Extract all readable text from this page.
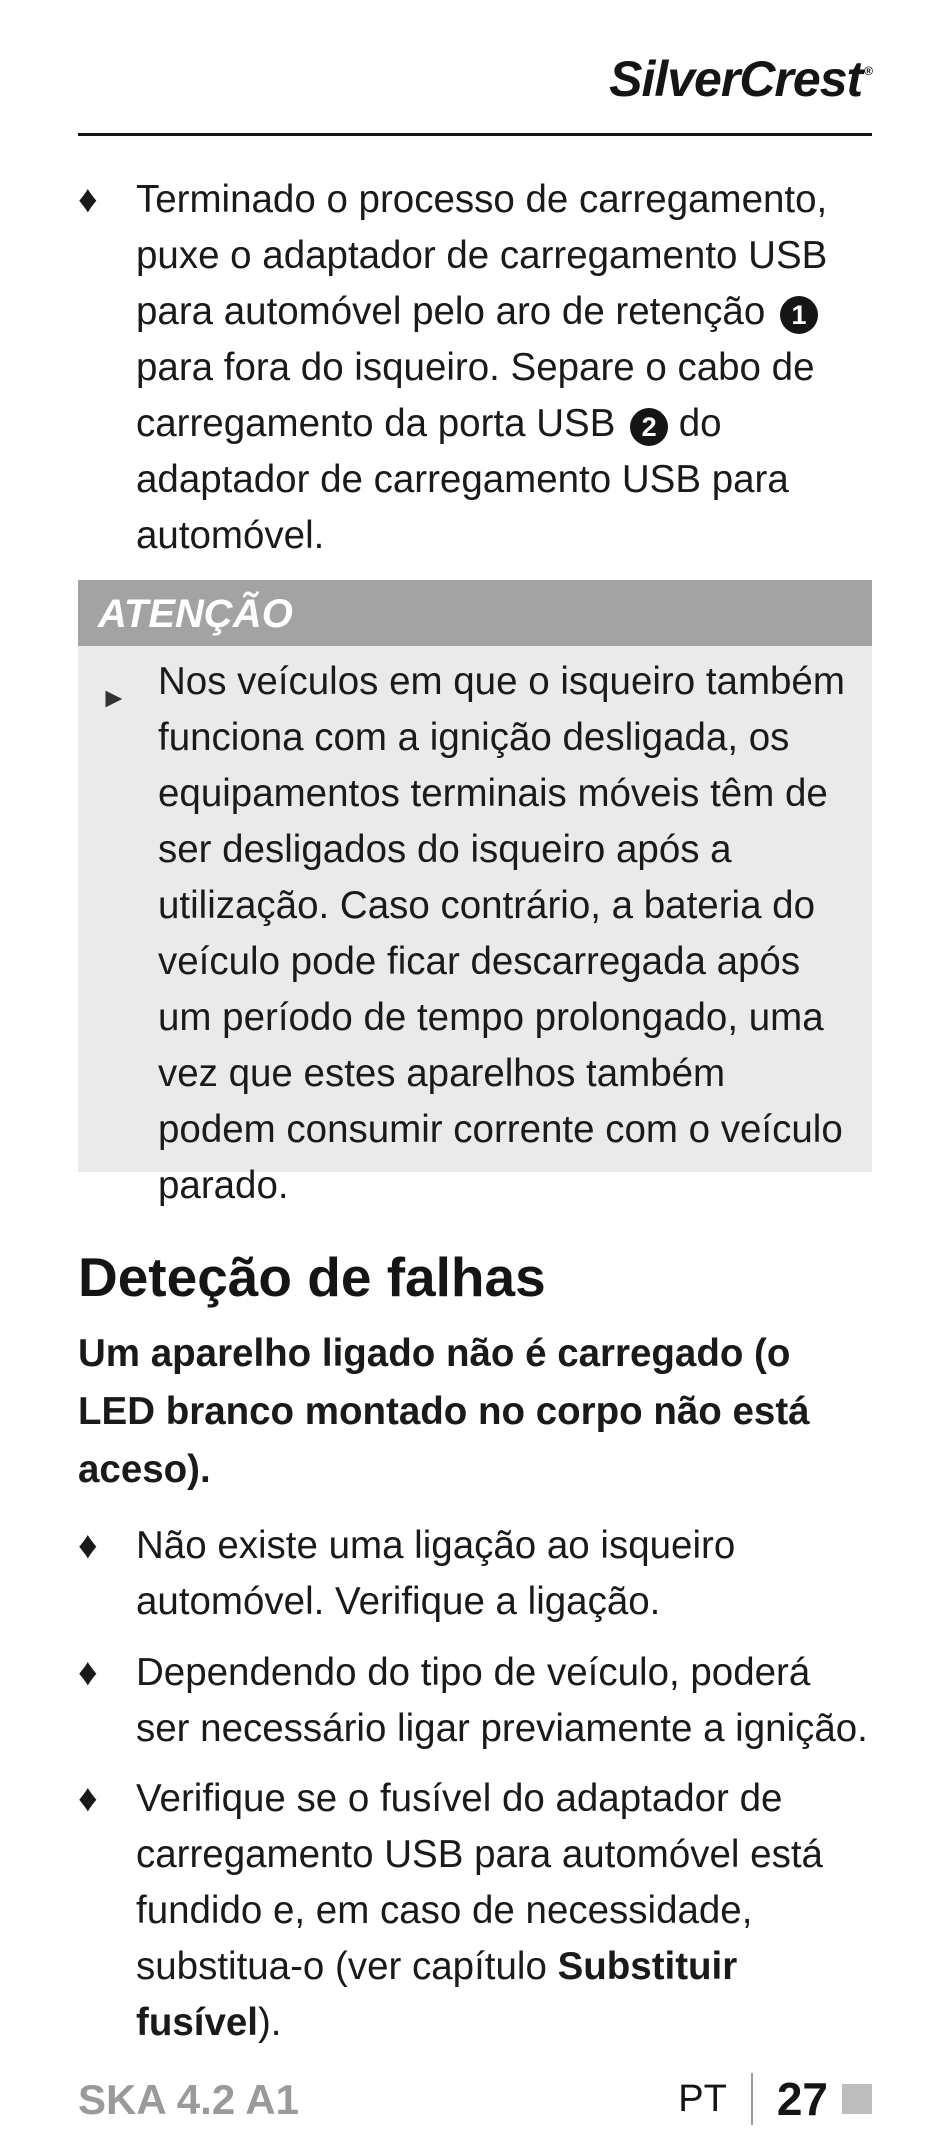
SilverCrest ®
♦ Terminado o processo de carregamento, puxe o adaptador de carregamento USB para automóvel pelo aro de retenção 1 para fora do isqueiro. Separe o cabo de carregamento da porta USB 2 do adaptador de carregamento USB para automóvel.
ATENÇÃO
► Nos veículos em que o isqueiro também funciona com a ignição desligada, os equipamentos terminais móveis têm de ser desligados do isqueiro após a utilização. Caso contrário, a bateria do veículo pode ficar descarregada após um período de tempo prolongado, uma vez que estes aparelhos também podem consumir corrente com o veículo parado.
Deteção de falhas
Um aparelho ligado não é carregado (o LED branco montado no corpo não está aceso).
♦ Não existe uma ligação ao isqueiro automóvel. Verifique a ligação.
♦ Dependendo do tipo de veículo, poderá ser necessário ligar previamente a ignição.
♦ Verifique se o fusível do adaptador de carregamento USB para automóvel está fundido e, em caso de necessidade, substitua-o (ver capítulo Substituir fusível).
SKA 4.2 A1	PT 27
